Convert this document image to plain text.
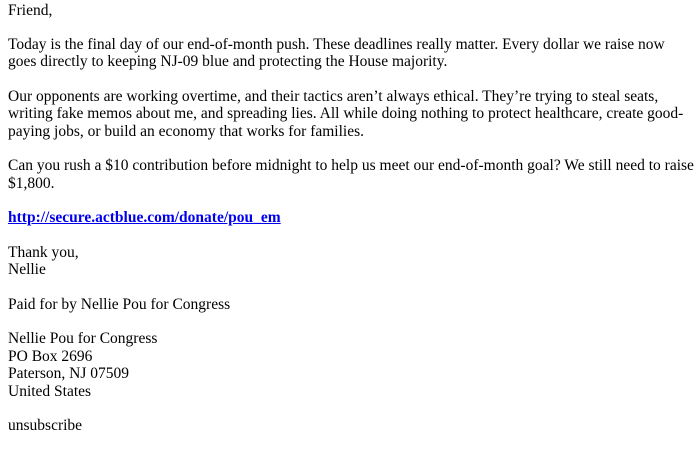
Friend,

Today is the final day of our end-of-month push. These deadlines really matter. Every dollar we raise now goes directly to keeping NJ-09 blue and protecting the House majority.

Our opponents are working overtime, and their tactics aren’t always ethical. They’re trying to steal seats, writing fake memos about me, and spreading lies. All while doing nothing to protect healthcare, create good-paying jobs, or build an economy that works for families.

Can you rush a $10 contribution before midnight to help us meet our end-of-month goal? We still need to raise $1,800.

http://secure.actblue.com/donate/pou_em

Thank you,
Nellie

Paid for by Nellie Pou for Congress

Nellie Pou for Congress
PO Box 2696
Paterson, NJ 07509
United States

unsubscribe
